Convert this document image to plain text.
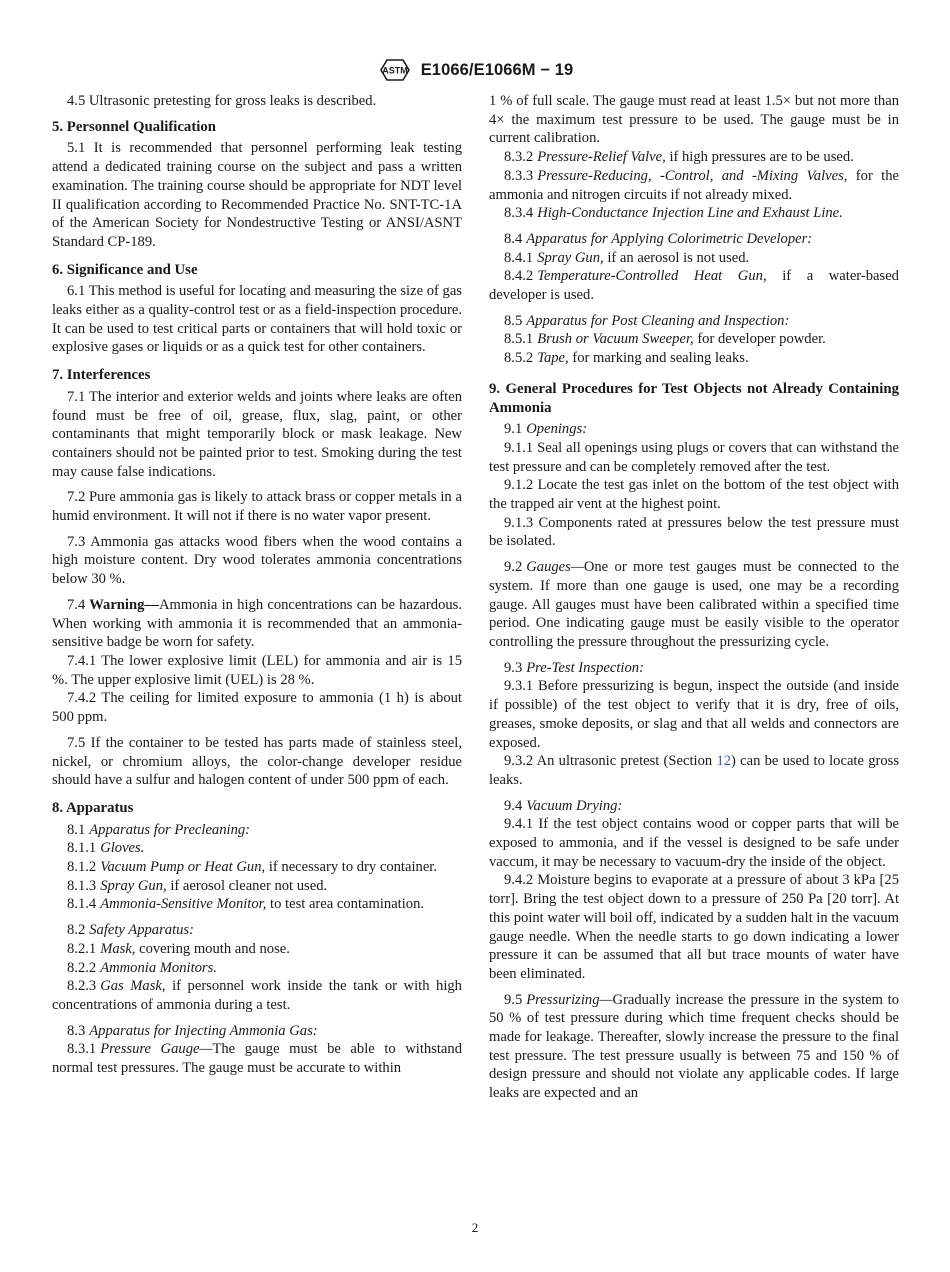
ASTM E1066/E1066M − 19

4.5 Ultrasonic pretesting for gross leaks is described.

5. Personnel Qualification

5.1 It is recommended that personnel performing leak testing attend a dedicated training course on the subject and pass a written examination. The training course should be appropriate for NDT level II qualification according to Recommended Practice No. SNT-TC-1A of the American Society for Nondestructive Testing or ANSI/ASNT Standard CP-189.

6. Significance and Use

6.1 This method is useful for locating and measuring the size of gas leaks either as a quality-control test or as a field-inspection procedure. It can be used to test critical parts or containers that will hold toxic or explosive gases or liquids or as a quick test for other containers.

7. Interferences

7.1 The interior and exterior welds and joints where leaks are often found must be free of oil, grease, flux, slag, paint, or other contaminants that might temporarily block or mask leakage. New containers should not be painted prior to test. Smoking during the test may cause false indications.

7.2 Pure ammonia gas is likely to attack brass or copper metals in a humid environment. It will not if there is no water vapor present.

7.3 Ammonia gas attacks wood fibers when the wood contains a high moisture content. Dry wood tolerates ammonia concentrations below 30 %.

7.4 Warning—Ammonia in high concentrations can be hazardous. When working with ammonia it is recommended that an ammonia-sensitive badge be worn for safety.

7.4.1 The lower explosive limit (LEL) for ammonia and air is 15 %. The upper explosive limit (UEL) is 28 %.

7.4.2 The ceiling for limited exposure to ammonia (1 h) is about 500 ppm.

7.5 If the container to be tested has parts made of stainless steel, nickel, or chromium alloys, the color-change developer residue should have a sulfur and halogen content of under 500 ppm of each.

8. Apparatus

8.1 Apparatus for Precleaning:

8.1.1 Gloves.

8.1.2 Vacuum Pump or Heat Gun, if necessary to dry container.

8.1.3 Spray Gun, if aerosol cleaner not used.

8.1.4 Ammonia-Sensitive Monitor, to test area contamination.

8.2 Safety Apparatus:

8.2.1 Mask, covering mouth and nose.

8.2.2 Ammonia Monitors.

8.2.3 Gas Mask, if personnel work inside the tank or with high concentrations of ammonia during a test.

8.3 Apparatus for Injecting Ammonia Gas:

8.3.1 Pressure Gauge—The gauge must be able to withstand normal test pressures. The gauge must be accurate to within

1 % of full scale. The gauge must read at least 1.5× but not more than 4× the maximum test pressure to be used. The gauge must be in current calibration.

8.3.2 Pressure-Relief Valve, if high pressures are to be used.

8.3.3 Pressure-Reducing, -Control, and -Mixing Valves, for the ammonia and nitrogen circuits if not already mixed.

8.3.4 High-Conductance Injection Line and Exhaust Line.

8.4 Apparatus for Applying Colorimetric Developer:

8.4.1 Spray Gun, if an aerosol is not used.

8.4.2 Temperature-Controlled Heat Gun, if a water-based developer is used.

8.5 Apparatus for Post Cleaning and Inspection:

8.5.1 Brush or Vacuum Sweeper, for developer powder.

8.5.2 Tape, for marking and sealing leaks.

9. General Procedures for Test Objects not Already Containing Ammonia

9.1 Openings:

9.1.1 Seal all openings using plugs or covers that can withstand the test pressure and can be completely removed after the test.

9.1.2 Locate the test gas inlet on the bottom of the test object with the trapped air vent at the highest point.

9.1.3 Components rated at pressures below the test pressure must be isolated.

9.2 Gauges—One or more test gauges must be connected to the system. If more than one gauge is used, one may be a recording gauge. All gauges must have been calibrated within a specified time period. One indicating gauge must be easily visible to the operator controlling the pressure throughout the pressurizing cycle.

9.3 Pre-Test Inspection:

9.3.1 Before pressurizing is begun, inspect the outside (and inside if possible) of the test object to verify that it is dry, free of oils, greases, smoke deposits, or slag and that all welds and connectors are exposed.

9.3.2 An ultrasonic pretest (Section 12) can be used to locate gross leaks.

9.4 Vacuum Drying:

9.4.1 If the test object contains wood or copper parts that will be exposed to ammonia, and if the vessel is designed to be safe under vaccum, it may be necessary to vacuum-dry the inside of the object.

9.4.2 Moisture begins to evaporate at a pressure of about 3 kPa [25 torr]. Bring the test object down to a pressure of 250 Pa [20 torr]. At this point water will boil off, indicated by a sudden halt in the vacuum gauge needle. When the needle starts to go down indicating a lower pressure it can be assumed that all but trace mounts of water have been eliminated.

9.5 Pressurizing—Gradually increase the pressure in the system to 50 % of test pressure during which time frequent checks should be made for leakage. Thereafter, slowly increase the pressure to the final test pressure. The test pressure usually is between 75 and 150 % of design pressure and should not violate any applicable codes. If large leaks are expected and an

2
